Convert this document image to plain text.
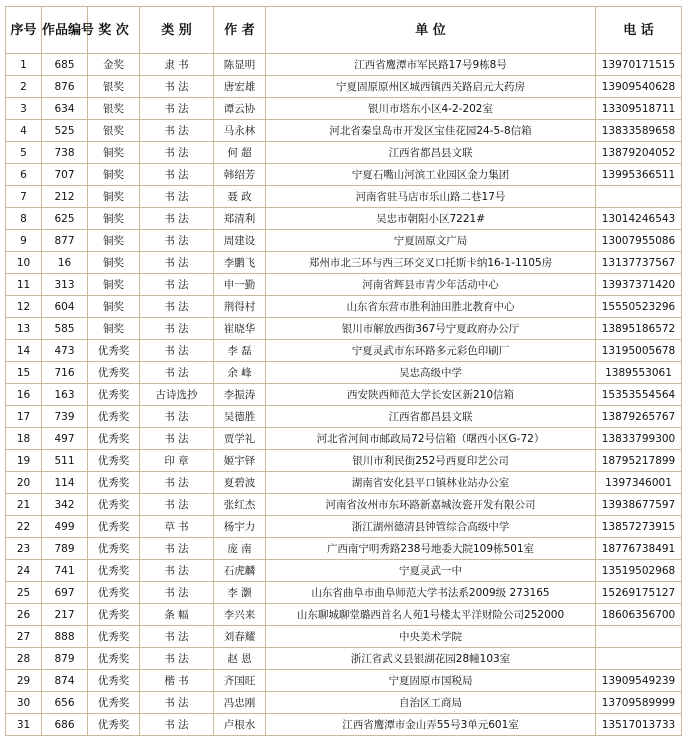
序号	作品编号	奖 次	类 别	作 者	单 位	电 话
1	685	金奖	隶 书	陈显明	江西省鹰潭市军民路17号9栋8号	13970171515
2	876	银奖	书 法	唐宏雄	宁夏固原原州区城西镇西关路启元大药房	13909540628
3	634	银奖	书 法	谭云协	银川市塔东小区4-2-202室	13309518711
4	525	银奖	书 法	马永林	河北省秦皇岛市开发区宝佳花园24-5-8信箱	13833589658
5	738	铜奖	书 法	何 超	江西省都昌县文联	13879204052
6	707	铜奖	书 法	韩绍芳	宁夏石嘴山河滨工业园区金力集团	13995366511
7	212	铜奖	书 法	聂 政	河南省驻马店市乐山路二巷17号	
8	625	铜奖	书 法	郑清利	吴忠市朝阳小区7221#	13014246543
9	877	铜奖	书 法	周建设	宁夏固原文广局	13007955086
10	16	铜奖	书 法	李鹏飞	郑州市北三环与西三环交叉口托斯卡纳16-1-1105房	13137737567
11	313	铜奖	书 法	申一勤	河南省辉县市青少年活动中心	13937371420
12	604	铜奖	书 法	荆得村	山东省东营市胜利油田胜北教育中心	15550523296
13	585	铜奖	书 法	崔晓华	银川市解放西街367号宁夏政府办公厅	13895186572
14	473	优秀奖	书 法	李 磊	宁夏灵武市东环路多元彩色印刷厂	13195005678
15	716	优秀奖	书 法	余 峰	吴忠高级中学	1389553061
16	163	优秀奖	古诗选抄	李振涛	西安陕西师范大学长安区新210信箱	15353554564
17	739	优秀奖	书 法	吴德胜	江西省都昌县文联	13879265767
18	497	优秀奖	书 法	贾学礼	河北省河间市邮政局72号信箱（曙西小区G-72）	13833799300
19	511	优秀奖	印 章	姬宇铎	银川市利民街252号西夏印艺公司	18795217899
20	114	优秀奖	书 法	夏碧波	湖南省安化县平口镇林业站办公室	1397346001
21	342	优秀奖	书 法	张红杰	河南省汝州市东环路新嘉城汝瓷开发有限公司	13938677597
22	499	优秀奖	草 书	杨宇力	浙江湖州德清县钟管综合高级中学	13857273915
23	789	优秀奖	书 法	庞 南	广西南宁明秀路238号地委大院109栋501室	18776738491
24	741	优秀奖	书 法	石虎麟	宁夏灵武一中	13519502968
25	697	优秀奖	书 法	李 灏	山东省曲阜市曲阜师范大学书法系2009级 273165	15269175127
26	217	优秀奖	条 幅	李兴来	山东聊城聊堂璐西首名人苑1号楼太平洋财险公司252000	18606356700
27	888	优秀奖	书 法	刘春耀	中央美术学院	
28	879	优秀奖	书 法	赵 恩	浙江省武义县银湖花园28幢103室	
29	874	优秀奖	楷 书	齐国旺	宁夏固原市国税局	13909549239
30	656	优秀奖	书 法	冯忠刚	自治区工商局	13709589999
31	686	优秀奖	书 法	卢根水	江西省鹰潭市金山弄55号3单元601室	13517013733
